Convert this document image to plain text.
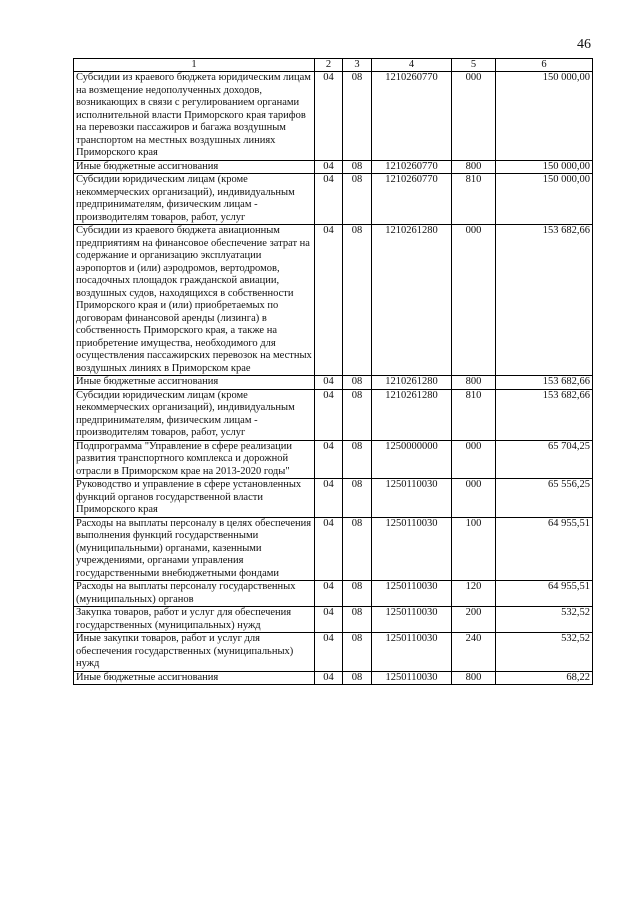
46
1	2	3	4	5	6
Субсидии из краевого бюджета юридическим лицам на возмещение недополученных доходов, возникающих в связи с регулированием органами исполнительной власти Приморского края тарифов на перевозки пассажиров и багажа воздушным транспортом на местных воздушных линиях Приморского края	04	08	1210260770	000	150 000,00
Иные бюджетные ассигнования	04	08	1210260770	800	150 000,00
Субсидии юридическим лицам (кроме некоммерческих организаций), индивидуальным предпринимателям, физическим лицам - производителям товаров, работ, услуг	04	08	1210260770	810	150 000,00
Субсидии из краевого бюджета авиационным предприятиям на финансовое обеспечение затрат на содержание и организацию эксплуатации аэропортов и (или) аэродромов, вертодромов, посадочных площадок гражданской авиации, воздушных судов, находящихся в собственности Приморского края и (или) приобретаемых по договорам финансовой аренды (лизинга) в собственность Приморского края, а также на приобретение имущества, необходимого для осуществления пассажирских перевозок на местных воздушных линиях в Приморском крае	04	08	1210261280	000	153 682,66
Иные бюджетные ассигнования	04	08	1210261280	800	153 682,66
Субсидии юридическим лицам (кроме некоммерческих организаций), индивидуальным предпринимателям, физическим лицам - производителям товаров, работ, услуг	04	08	1210261280	810	153 682,66
Подпрограмма "Управление в сфере реализации развития транспортного комплекса и дорожной отрасли в Приморском крае на 2013-2020 годы"	04	08	1250000000	000	65 704,25
Руководство и управление в сфере установленных функций органов государственной власти Приморского края	04	08	1250110030	000	65 556,25
Расходы на выплаты персоналу в целях обеспечения выполнения функций государственными (муниципальными) органами, казенными учреждениями, органами управления государственными внебюджетными фондами	04	08	1250110030	100	64 955,51
Расходы на выплаты персоналу государственных (муниципальных) органов	04	08	1250110030	120	64 955,51
Закупка товаров, работ и услуг для обеспечения государственных (муниципальных) нужд	04	08	1250110030	200	532,52
Иные закупки товаров, работ и услуг для обеспечения государственных (муниципальных) нужд	04	08	1250110030	240	532,52
Иные бюджетные ассигнования	04	08	1250110030	800	68,22
